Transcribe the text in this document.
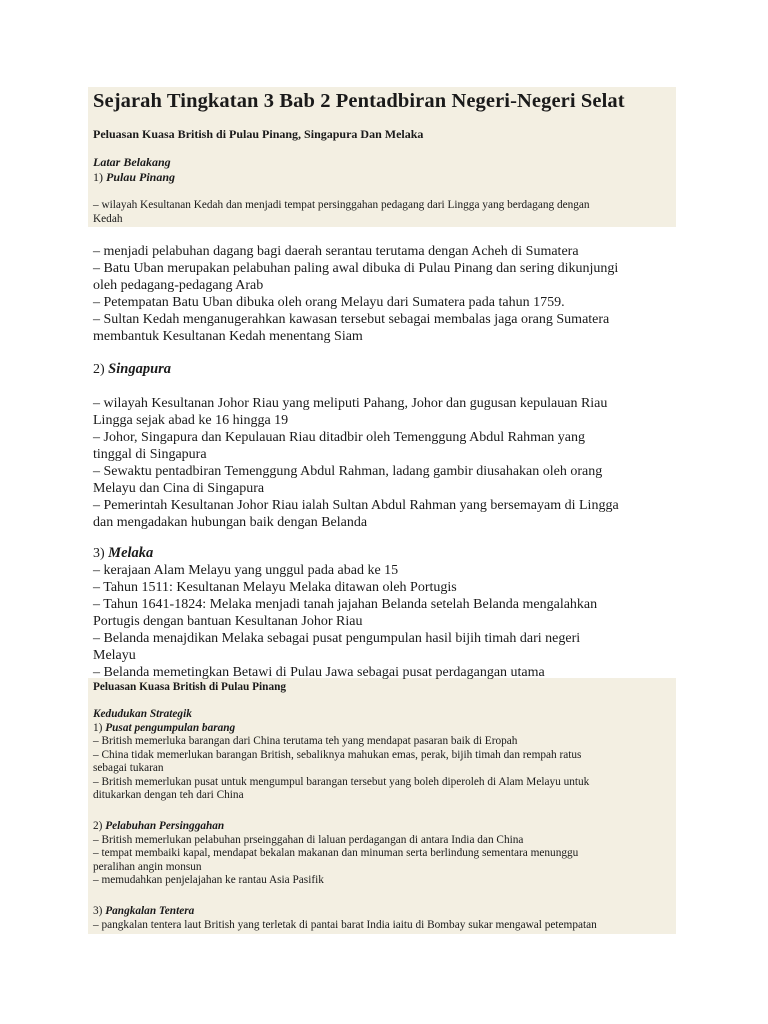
Sejarah Tingkatan 3 Bab 2 Pentadbiran Negeri-Negeri Selat

Peluasan Kuasa British di Pulau Pinang, Singapura Dan Melaka

Latar Belakang

1) Pulau Pinang

– wilayah Kesultanan Kedah dan menjadi tempat persinggahan pedagang dari Lingga yang berdagang dengan

Kedah

– menjadi pelabuhan dagang bagi daerah serantau terutama dengan Acheh di Sumatera

– Batu Uban merupakan pelabuhan paling awal dibuka di Pulau Pinang dan sering dikunjungi

oleh pedagang-pedagang Arab

– Petempatan Batu Uban dibuka oleh orang Melayu dari Sumatera pada tahun 1759.

– Sultan Kedah menganugerahkan kawasan tersebut sebagai membalas jaga orang Sumatera

membantuk Kesultanan Kedah menentang Siam

2) Singapura

– wilayah Kesultanan Johor Riau yang meliputi Pahang, Johor dan gugusan kepulauan Riau

Lingga sejak abad ke 16 hingga 19

– Johor, Singapura dan Kepulauan Riau ditadbir oleh Temenggung Abdul Rahman yang

tinggal di Singapura

– Sewaktu pentadbiran Temenggung Abdul Rahman, ladang gambir diusahakan oleh orang

Melayu dan Cina di Singapura

– Pemerintah Kesultanan Johor Riau ialah Sultan Abdul Rahman yang bersemayam di Lingga

dan mengadakan hubungan baik dengan Belanda

3) Melaka

– kerajaan Alam Melayu yang unggul pada abad ke 15

– Tahun 1511: Kesultanan Melayu Melaka ditawan oleh Portugis

– Tahun 1641-1824: Melaka menjadi tanah jajahan Belanda setelah Belanda mengalahkan

Portugis dengan bantuan Kesultanan Johor Riau

– Belanda menajdikan Melaka sebagai pusat pengumpulan hasil bijih timah dari negeri

Melayu

– Belanda memetingkan Betawi di Pulau Jawa sebagai pusat perdagangan utama

Peluasan Kuasa British di Pulau Pinang

Kedudukan Strategik

1) Pusat pengumpulan barang

– British memerluka barangan dari China terutama teh yang mendapat pasaran baik di Eropah

– China tidak memerlukan barangan British, sebaliknya mahukan emas, perak, bijih timah dan rempah ratus

sebagai tukaran

– British memerlukan pusat untuk mengumpul barangan tersebut yang boleh diperoleh di Alam Melayu untuk

ditukarkan dengan teh dari China

2) Pelabuhan Persinggahan

– British memerlukan pelabuhan prseinggahan di laluan perdagangan di antara India dan China

– tempat membaiki kapal, mendapat bekalan makanan dan minuman serta berlindung sementara menunggu

peralihan angin monsun

– memudahkan penjelajahan ke rantau Asia Pasifik

3) Pangkalan Tentera

– pangkalan tentera laut British yang terletak di pantai barat India iaitu di Bombay sukar mengawal petempatan
